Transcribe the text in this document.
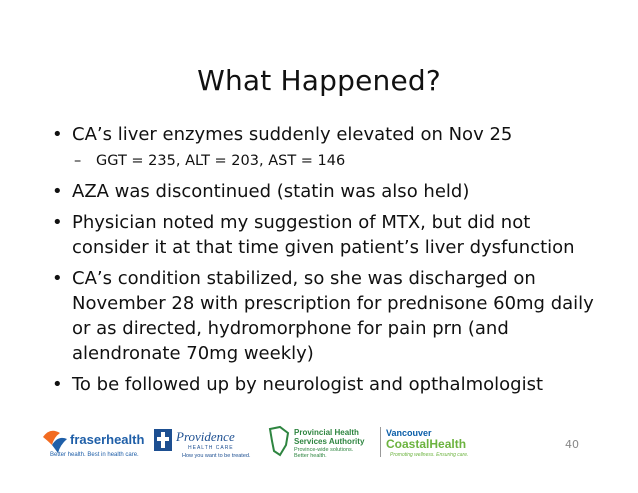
What Happened?
• CA’s liver enzymes suddenly elevated on Nov 25
– GGT = 235, ALT = 203, AST = 146
• AZA was discontinued (statin was also held)
• Physician noted my suggestion of MTX, but did not consider it at that time given patient’s liver dysfunction
• CA’s condition stabilized, so she was discharged on November 28 with prescription for prednisone 60mg daily or as directed, hydromorphone for pain prn (and alendronate 70mg weekly)
• To be followed up by neurologist and opthalmologist
fraserhealth
Better health. Best in health care.
Providence
HEALTH CARE
How you want to be treated.
Provincial Health
Services Authority
Province-wide solutions.
Better health.
Vancouver
CoastalHealth
Promoting wellness. Ensuring care.
40
